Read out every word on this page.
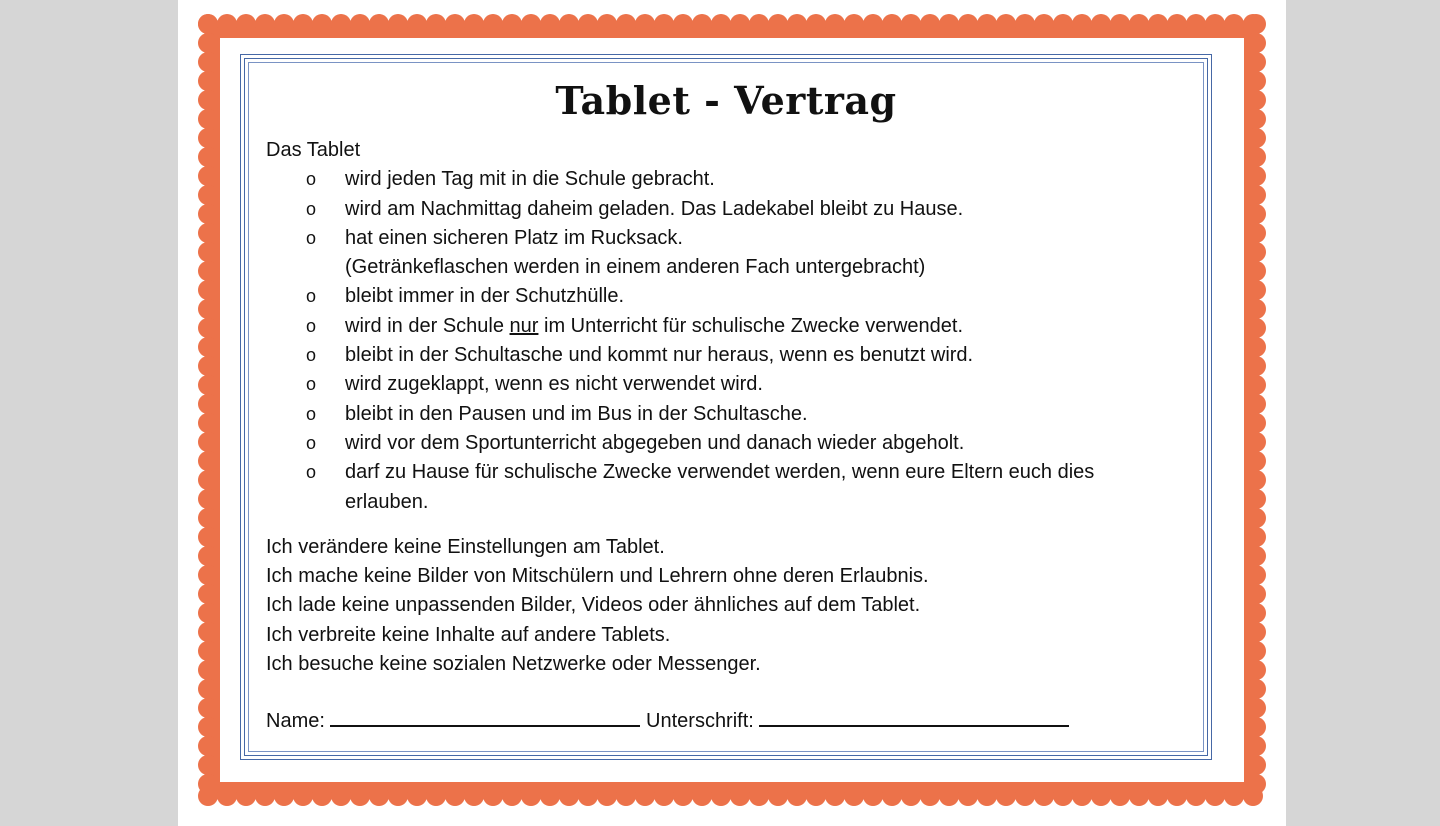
Tablet - Vertrag
Das Tablet
o wird jeden Tag mit in die Schule gebracht.
o wird am Nachmittag daheim geladen. Das Ladekabel bleibt zu Hause.
o hat einen sicheren Platz im Rucksack.
(Getränkeflaschen werden in einem anderen Fach untergebracht)
o bleibt immer in der Schutzhülle.
o wird in der Schule nur im Unterricht für schulische Zwecke verwendet.
o bleibt in der Schultasche und kommt nur heraus, wenn es benutzt wird.
o wird zugeklappt, wenn es nicht verwendet wird.
o bleibt in den Pausen und im Bus in der Schultasche.
o wird vor dem Sportunterricht abgegeben und danach wieder abgeholt.
o darf zu Hause für schulische Zwecke verwendet werden, wenn eure Eltern euch dies
erlauben.
Ich verändere keine Einstellungen am Tablet.
Ich mache keine Bilder von Mitschülern und Lehrern ohne deren Erlaubnis.
Ich lade keine unpassenden Bilder, Videos oder ähnliches auf dem Tablet.
Ich verbreite keine Inhalte auf andere Tablets.
Ich besuche keine sozialen Netzwerke oder Messenger.
Name:	Unterschrift:
